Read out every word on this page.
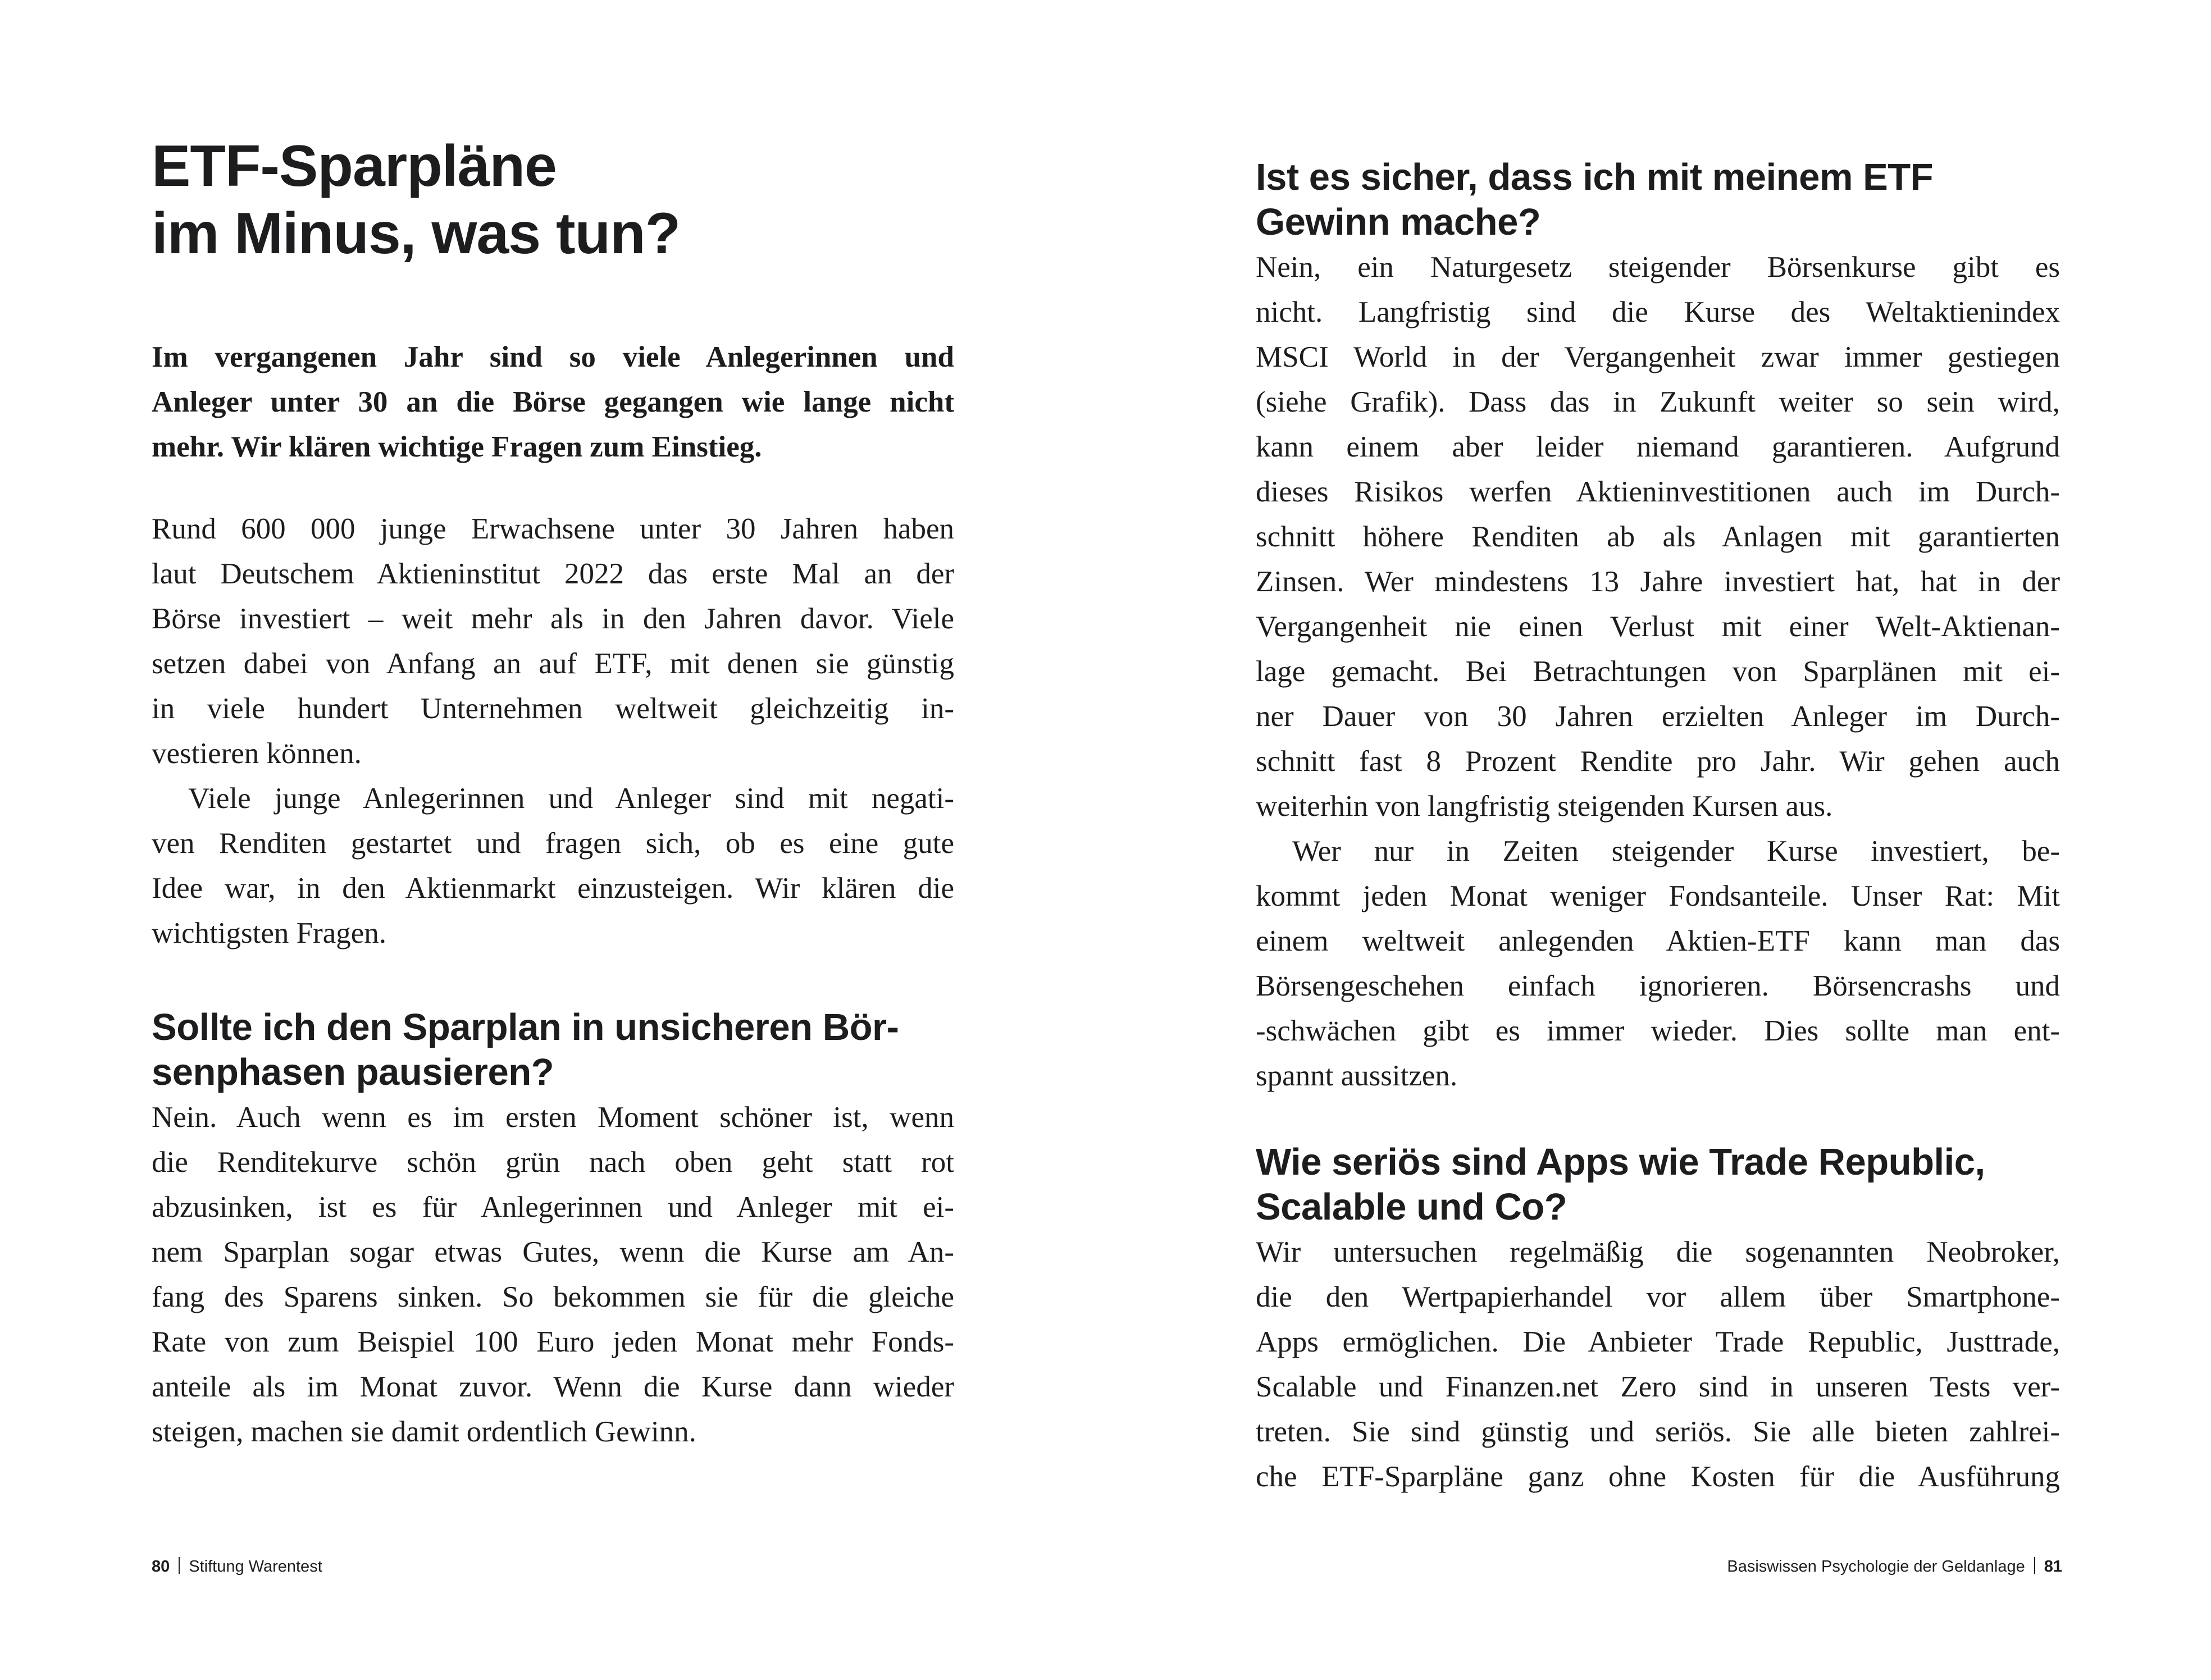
ETF-Sparpläne
im Minus, was tun?
Im vergangenen Jahr sind so viele Anlegerinnen und
Anleger unter 30 an die Börse gegangen wie lange nicht
mehr. Wir klären wichtige Fragen zum Einstieg.
Rund 600 000 junge Erwachsene unter 30 Jahren haben
laut Deutschem Aktieninstitut 2022 das erste Mal an der
Börse investiert – weit mehr als in den Jahren davor. Viele
setzen dabei von Anfang an auf ETF, mit denen sie günstig
in viele hundert Unternehmen weltweit gleichzeitig in-
vestieren können.
Viele junge Anlegerinnen und Anleger sind mit negati-
ven Renditen gestartet und fragen sich, ob es eine gute
Idee war, in den Aktienmarkt einzusteigen. Wir klären die
wichtigsten Fragen.
Sollte ich den Sparplan in unsicheren Bör-
senphasen pausieren?
Nein. Auch wenn es im ersten Moment schöner ist, wenn
die Renditekurve schön grün nach oben geht statt rot
abzusinken, ist es für Anlegerinnen und Anleger mit ei-
nem Sparplan sogar etwas Gutes, wenn die Kurse am An-
fang des Sparens sinken. So bekommen sie für die gleiche
Rate von zum Beispiel 100 Euro jeden Monat mehr Fonds-
anteile als im Monat zuvor. Wenn die Kurse dann wieder
steigen, machen sie damit ordentlich Gewinn.
80 Stiftung Warentest
Ist es sicher, dass ich mit meinem ETF
Gewinn mache?
Nein, ein Naturgesetz steigender Börsenkurse gibt es
nicht. Langfristig sind die Kurse des Weltaktienindex
MSCI World in der Vergangenheit zwar immer gestiegen
(siehe Grafik). Dass das in Zukunft weiter so sein wird,
kann einem aber leider niemand garantieren. Aufgrund
dieses Risikos werfen Aktieninvestitionen auch im Durch-
schnitt höhere Renditen ab als Anlagen mit garantierten
Zinsen. Wer mindestens 13 Jahre investiert hat, hat in der
Vergangenheit nie einen Verlust mit einer Welt-Aktienan-
lage gemacht. Bei Betrachtungen von Sparplänen mit ei-
ner Dauer von 30 Jahren erzielten Anleger im Durch-
schnitt fast 8 Prozent Rendite pro Jahr. Wir gehen auch
weiterhin von langfristig steigenden Kursen aus.
Wer nur in Zeiten steigender Kurse investiert, be-
kommt jeden Monat weniger Fondsanteile. Unser Rat: Mit
einem weltweit anlegenden Aktien-ETF kann man das
Börsengeschehen einfach ignorieren. Börsencrashs und
-schwächen gibt es immer wieder. Dies sollte man ent-
spannt aussitzen.
Wie seriös sind Apps wie Trade Republic,
Scalable und Co?
Wir untersuchen regelmäßig die sogenannten Neobroker,
die den Wertpapierhandel vor allem über Smartphone-
Apps ermöglichen. Die Anbieter Trade Republic, Justtrade,
Scalable und Finanzen.net Zero sind in unseren Tests ver-
treten. Sie sind günstig und seriös. Sie alle bieten zahlrei-
che ETF-Sparpläne ganz ohne Kosten für die Ausführung
Basiswissen Psychologie der Geldanlage 81
